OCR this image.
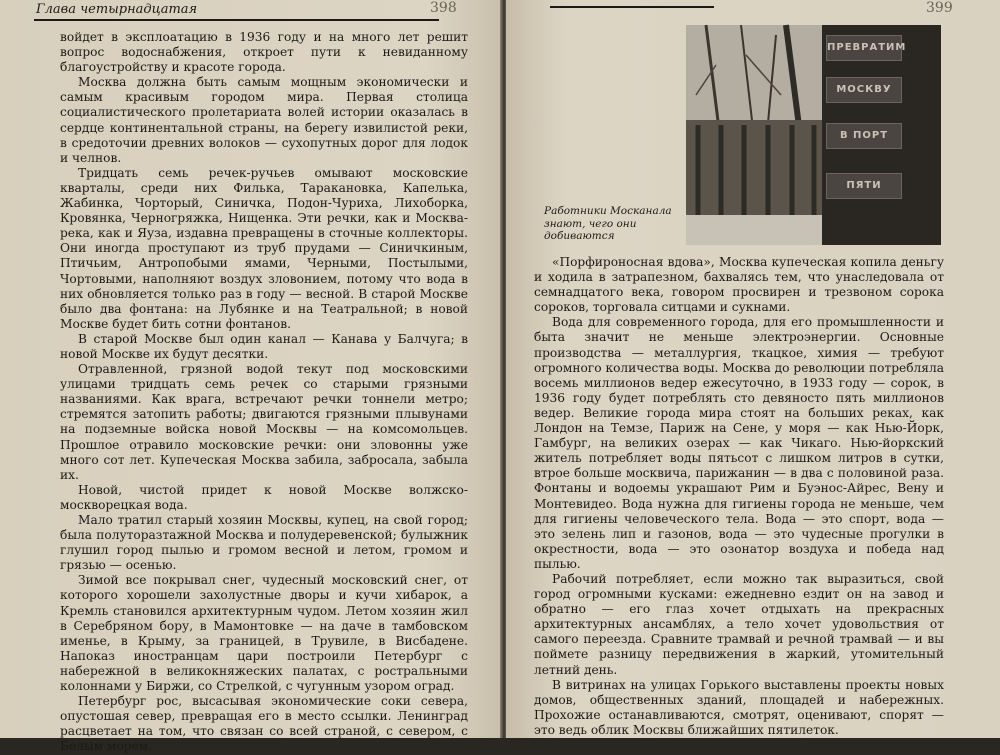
Глава четырнадцатая	398

войдет в эксплоатацию в 1936 году и на много лет решит вопрос водоснабжения, откроет пути к невиданному благоустройству и красоте города.

Москва должна быть самым мощным экономически и самым красивым городом мира. Первая столица социалистического пролетариата волей истории оказалась в сердце континентальной страны, на берегу извилистой реки, в средоточии древних волоков — сухопутных дорог для лодок и челнов.

Тридцать семь речек-ручьев омывают московские кварталы, среди них Филька, Таракановка, Капелька, Жабинка, Чорторый, Синичка, Подон-Чуриха, Лихоборка, Кровянка, Черногряжка, Нищенка. Эти речки, как и Москва-река, как и Яуза, издавна превращены в сточные коллекторы. Они иногда проступают из труб прудами — Синичкиным, Птичьим, Антропобыми ямами, Черными, Постылыми, Чортовыми, наполняют воздух зловонием, потому что вода в них обновляется только раз в году — весной. В старой Москве было два фонтана: на Лубянке и на Театральной; в новой Москве будет бить сотни фонтанов.

В старой Москве был один канал — Канава у Балчуга; в новой Москве их будут десятки.

Отравленной, грязной водой текут под московскими улицами тридцать семь речек со старыми грязными названиями. Как врага, встречают речки тоннели метро; стремятся затопить работы; двигаются грязными плывунами на подземные войска новой Москвы — на комсомольцев. Прошлое отравило московские речки: они зловонны уже много сот лет. Купеческая Москва забила, забросала, забыла их.

Новой, чистой придет к новой Москве волжско-москворецкая вода.

Мало тратил старый хозяин Москвы, купец, на свой город; была полуторазтажной Москва и полудеревенской; булыжник глушил город пылью и громом весной и летом, громом и грязью — осенью.

Зимой все покрывал снег, чудесный московский снег, от которого хорошели захолустные дворы и кучи хибарок, а Кремль становился архитектурным чудом. Летом хозяин жил в Серебряном бору, в Мамонтовке — на даче в тамбовском именье, в Крыму, за границей, в Трувиле, в Висбадене. Напоказ иностранцам цари построили Петербург с набережной в великокняжеских палатах, с ростральными колоннами у Биржи, со Стрелкой, с чугунным узором оград.

Петербург рос, высасывая экономические соки севера, опустошая север, превращая его в место ссылки. Ленинград расцветает на том, что связан со всей страной, с севером, с Белым морем.

399
ПРЕВРАТИМ
МОСКВУ
В ПОРТ
ПЯТИ
Работники Москанала знают, чего они добиваются

«Порфироносная вдова», Москва купеческая копила деньгу и ходила в затрапезном, бахвалясь тем, что унаследовала от семнадцатого века, говором просвирен и трезвоном сорока сороков, торговала ситцами и сукнами.

Вода для современного города, для его промышленности и быта значит не меньше электроэнергии. Основные производства — металлургия, ткацкое, химия — требуют огромного количества воды. Москва до революции потребляла восемь миллионов ведер ежесуточно, в 1933 году — сорок, в 1936 году будет потреблять сто девяносто пять миллионов ведер. Великие города мира стоят на больших реках, как Лондон на Темзе, Париж на Сене, у моря — как Нью-Йорк, Гамбург, на великих озерах — как Чикаго. Нью-йоркский житель потребляет воды пятьсот с лишком литров в сутки, втрое больше москвича, парижанин — в два с половиной раза. Фонтаны и водоемы украшают Рим и Буэнос-Айрес, Вену и Монтевидео. Вода нужна для гигиены города не меньше, чем для гигиены человеческого тела. Вода — это спорт, вода — это зелень лип и газонов, вода — это чудесные прогулки в окрестности, вода — это озонатор воздуха и победа над пылью.

Рабочий потребляет, если можно так выразиться, свой город огромными кусками: ежедневно ездит он на завод и обратно — его глаз хочет отдыхать на прекрасных архитектурных ансамблях, а тело хочет удовольствия от самого переезда. Сравните трамвай и речной трамвай — и вы поймете разницу передвижения в жаркий, утомительный летний день.

В витринах на улицах Горького выставлены проекты новых домов, общественных зданий, площадей и набережных. Прохожие останавливаются, смотрят, оценивают, спорят — это ведь облик Москвы ближайших пятилеток.
